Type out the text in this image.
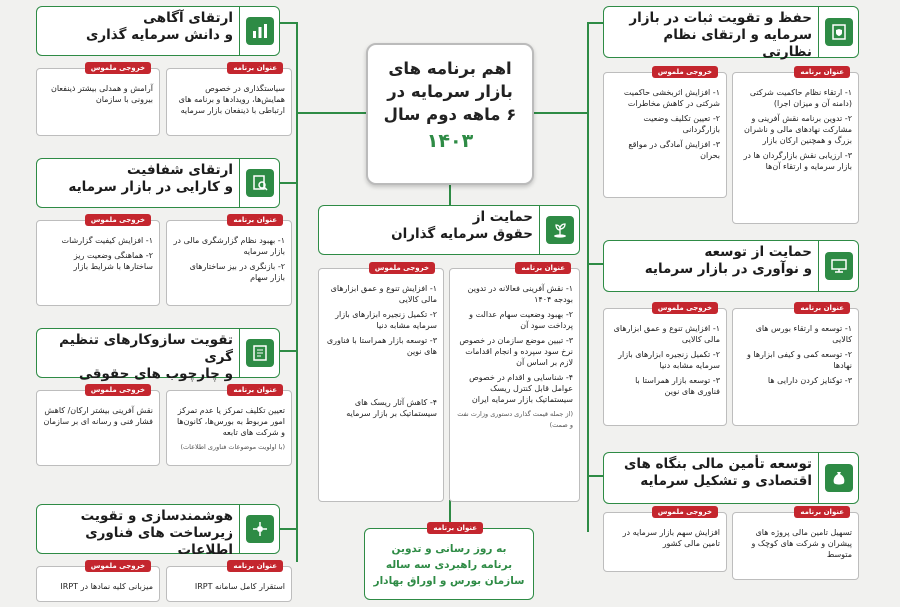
اهم برنامه های
بازار سرمایه در
۶ ماهه دوم سال
۱۴۰۳
ارتقای آگاهی
و دانش سرمایه گذاری
عنوان برنامه

سیاستگذاری در خصوص همایش‌ها، رویدادها و برنامه های ارتباطی با ذینفعان بازار سرمایه

خروجی ملموس

آرامش و همدلی بیشتر ذینفعان بیرونی با سازمان

ارتقای شفافیت
و کارایی در بازار سرمایه
عنوان برنامه

۱- بهبود نظام گزارشگری مالی در بازار سرمایه

۲- بازنگری در بیز ساختارهای بازار سهام

خروجی ملموس

۱- افزایش کیفیت گزارشات

۲- هماهنگی وضعیت ریز ساختارها با شرایط بازار

تقویت سازوکارهای تنظیم گری
و چارچوب های حقوقی
عنوان برنامه

تعیین تکلیف تمرکز یا عدم تمرکز امور مربوط به بورس‌ها، کانون‌ها و شرکت های تابعه

(با اولویت موضوعات فناوری اطلاعات)

خروجی ملموس

نقش آفرینی بیشتر ارکان/ کاهش فشار فنی و رسانه ای بر سازمان

هوشمندسازی و تقویت
زیرساخت های فناوری اطلاعات
عنوان برنامه

استقرار کامل سامانه IRPT

خروجی ملموس

میزبانی کلیه نمادها در IRPT

حمایت از
حقوق سرمایه گذاران
عنوان برنامه

۱- نقش آفرینی فعالانه در تدوین بودجه ۱۴۰۴

۲- بهبود وضعیت سهام عدالت و پرداخت سود آن

۳- تبیین موضع سازمان در خصوص نرخ سود سپرده و انجام اقدامات لازم بر اساس آن

۴- شناسایی و اقدام در خصوص عوامل قابل کنترل ریسک سیستماتیک بازار سرمایه ایران

(از جمله قیمت گذاری دستوری وزارت نفت و صمت)

خروجی ملموس

۱- افزایش تنوع و عمق ابزارهای مالی کالایی

۲- تکمیل زنجیره ابزارهای بازار سرمایه مشابه دنیا

۳- توسعه بازار همراستا با فناوری های نوین

۴- کاهش آثار ریسک های سیستماتیک بر بازار سرمایه

عنوان برنامه
به روز رسانی و تدوین
برنامه راهبردی سه ساله
سازمان بورس و اوراق بهادار
حفظ و تقویت ثبات در بازار
سرمایه و ارتقای نظام نظارتی
عنوان برنامه

۱- ارتقاء نظام حاکمیت شرکتی (دامنه آن و میزان اجرا)

۲- تدوین برنامه نقش آفرینی و مشارکت نهادهای مالی و ناشران بزرگ و همچنین ارکان بازار

۳- ارزیابی نقش بازارگردان ها در بازار سرمایه و ارتقاء آن‌ها

خروجی ملموس

۱- افزایش اثربخشی حاکمیت شرکتی در کاهش مخاطرات

۲- تعیین تکلیف وضعیت بازارگردانی

۳- افزایش آمادگی در مواقع بحران

حمایت از توسعه
و نوآوری در بازار سرمایه
عنوان برنامه

۱- توسعه و ارتقاء بورس های کالایی

۲- توسعه کمی و کیفی ابزارها و نهادها

۳- توکنایز کردن دارایی ها

خروجی ملموس

۱- افزایش تنوع و عمق ابزارهای مالی کالایی

۲- تکمیل زنجیره ابزارهای بازار سرمایه مشابه دنیا

۳- توسعه بازار همراستا با فناوری های نوین

توسعه تأمین مالی بنگاه های
اقتصادی و تشکیل سرمایه
عنوان برنامه

تسهیل تامین مالی پروژه های پیشران و شرکت های کوچک و متوسط

خروجی ملموس

افزایش سهم بازار سرمایه در تامین مالی کشور
